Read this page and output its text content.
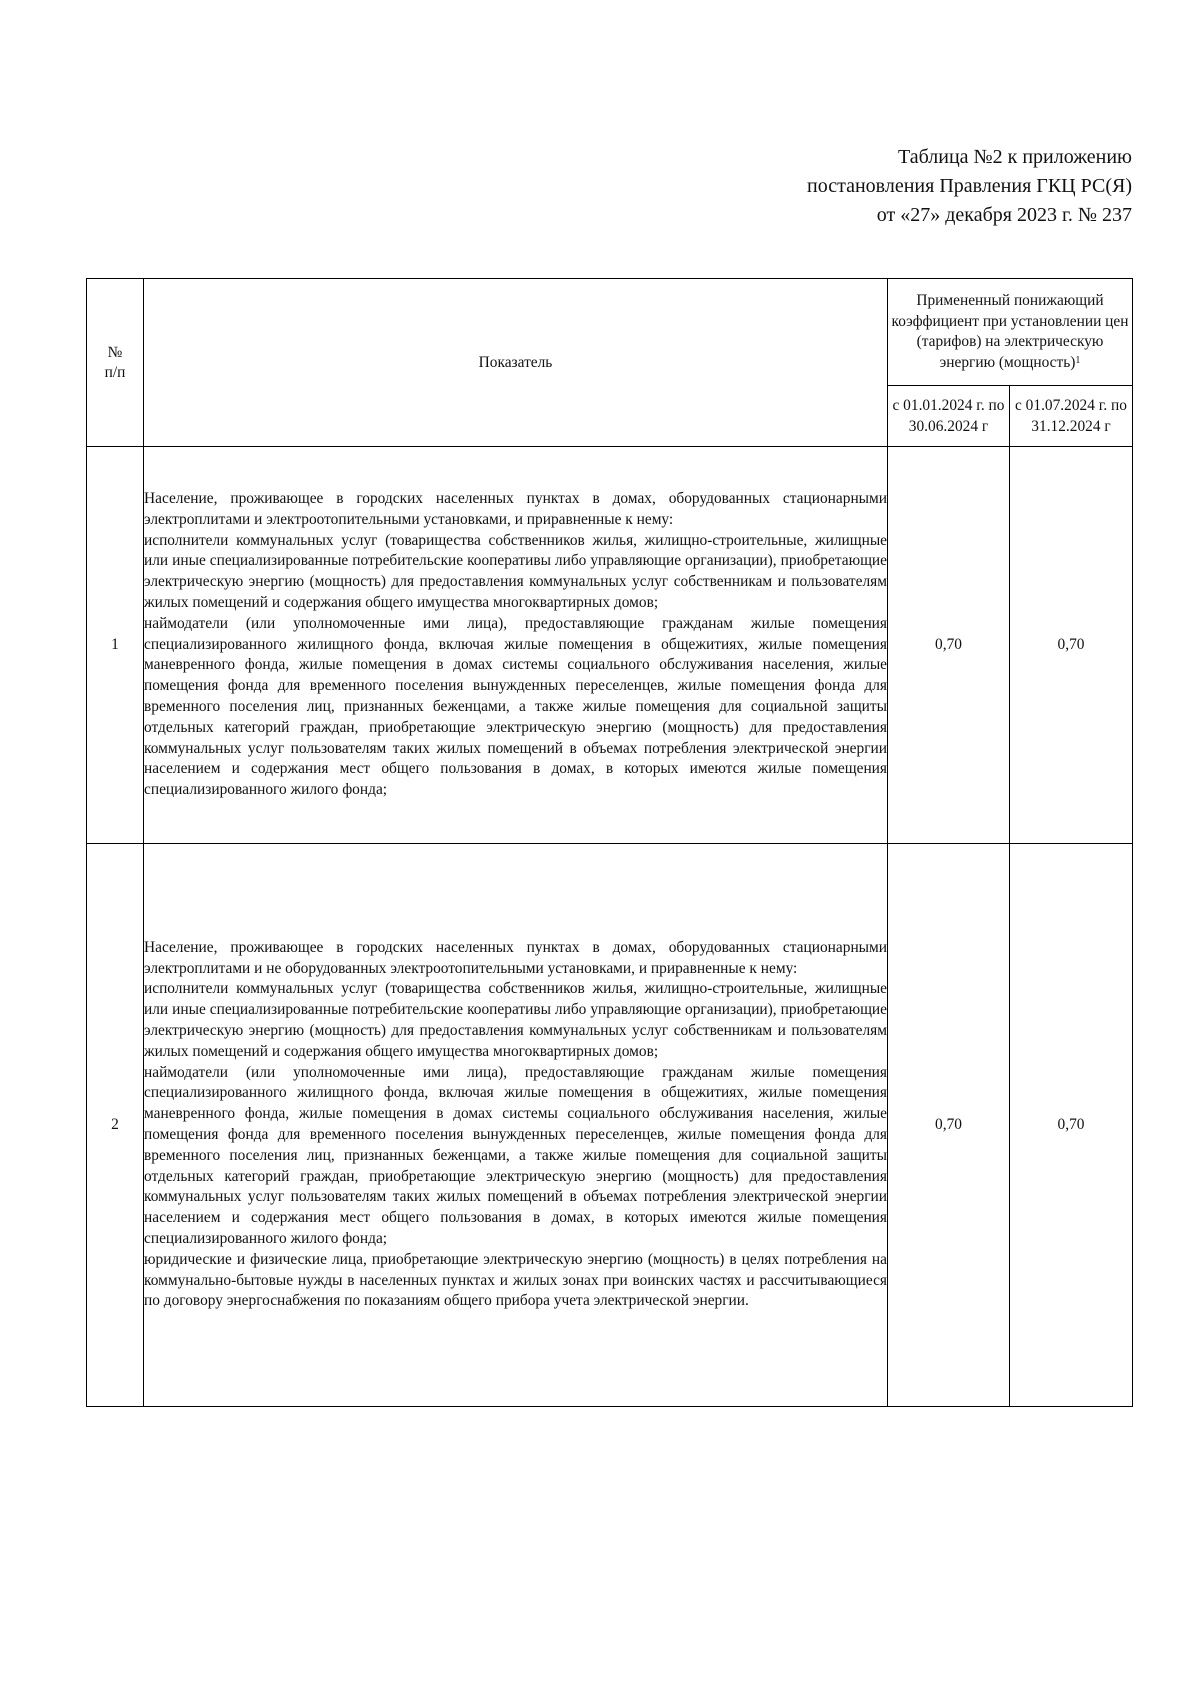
Таблица №2 к приложению
постановления Правления ГКЦ РС(Я)
от «27» декабря 2023 г. № 237
№
п/п	Показатель	Примененный понижающий коэффициент при установлении цен (тарифов) на электрическую энергию (мощность)$^1$
		с 01.01.2024 г. по 30.06.2024 г	с 01.07.2024 г. по 31.12.2024 г
1	Население, проживающее в городских населенных пунктах в домах, оборудованных стационарными электроплитами и электроотопительными установками, и приравненные к нему:

исполнители коммунальных услуг (товарищества собственников жилья, жилищно-строительные, жилищные или иные специализированные потребительские кооперативы либо управляющие организации), приобретающие электрическую энергию (мощность) для предоставления коммунальных услуг собственникам и пользователям жилых помещений и содержания общего имущества многоквартирных домов;

наймодатели (или уполномоченные ими лица), предоставляющие гражданам жилые помещения специализированного жилищного фонда, включая жилые помещения в общежитиях, жилые помещения маневренного фонда, жилые помещения в домах системы социального обслуживания населения, жилые помещения фонда для временного поселения вынужденных переселенцев, жилые помещения фонда для временного поселения лиц, признанных беженцами, а также жилые помещения для социальной защиты отдельных категорий граждан, приобретающие электрическую энергию (мощность) для предоставления коммунальных услуг пользователям таких жилых помещений в объемах потребления электрической энергии населением и содержания мест общего пользования в домах, в которых имеются жилые помещения специализированного жилого фонда;	0,70	0,70
2	Население, проживающее в городских населенных пунктах в домах, оборудованных стационарными электроплитами и не оборудованных электроотопительными установками, и приравненные к нему:

исполнители коммунальных услуг (товарищества собственников жилья, жилищно-строительные, жилищные или иные специализированные потребительские кооперативы либо управляющие организации), приобретающие электрическую энергию (мощность) для предоставления коммунальных услуг собственникам и пользователям жилых помещений и содержания общего имущества многоквартирных домов;

наймодатели (или уполномоченные ими лица), предоставляющие гражданам жилые помещения специализированного жилищного фонда, включая жилые помещения в общежитиях, жилые помещения маневренного фонда, жилые помещения в домах системы социального обслуживания населения, жилые помещения фонда для временного поселения вынужденных переселенцев, жилые помещения фонда для временного поселения лиц, признанных беженцами, а также жилые помещения для социальной защиты отдельных категорий граждан, приобретающие электрическую энергию (мощность) для предоставления коммунальных услуг пользователям таких жилых помещений в объемах потребления электрической энергии населением и содержания мест общего пользования в домах, в которых имеются жилые помещения специализированного жилого фонда;

юридические и физические лица, приобретающие электрическую энергию (мощность) в целях потребления на коммунально-бытовые нужды в населенных пунктах и жилых зонах при воинских частях и рассчитывающиеся по договору энергоснабжения по показаниям общего прибора учета электрической энергии.	0,70	0,70
